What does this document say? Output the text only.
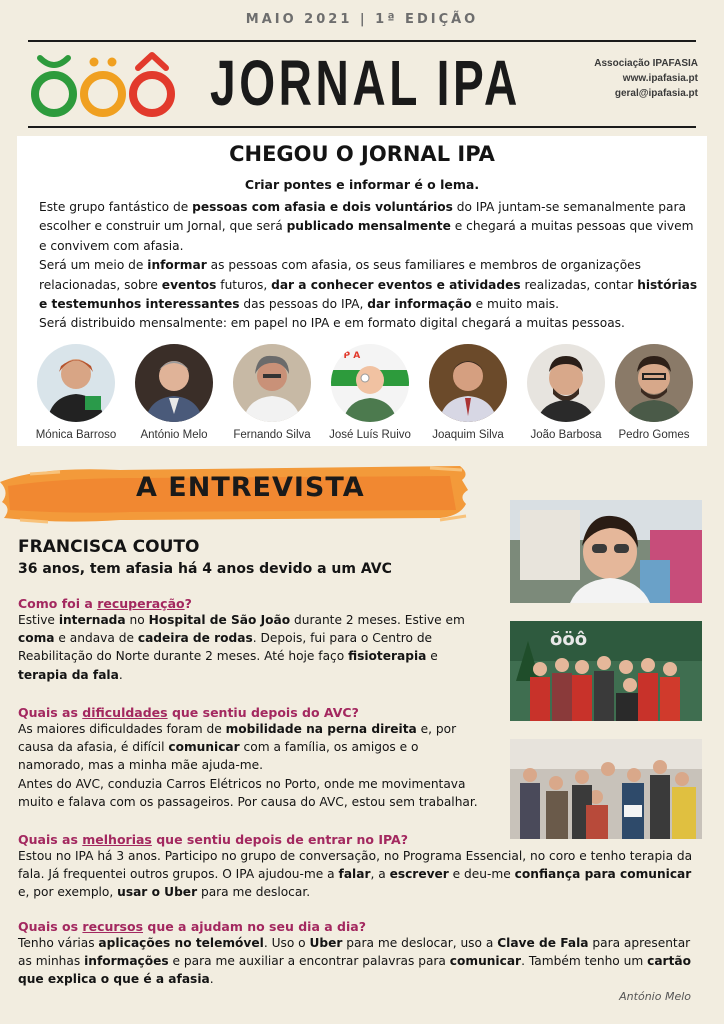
MAIO 2021 | 1ª EDIÇÃO
JORNAL IPA	Associação IPAFASIA
www.ipafasia.pt
geral@ipafasia.pt
CHEGOU O JORNAL IPA
Criar pontes e informar é o lema.

Este grupo fantástico de pessoas com afasia e dois voluntários do IPA juntam-se semanalmente para escolher e construir um Jornal, que será publicado mensalmente e chegará a muitas pessoas que vivem e convivem com afasia.

Será um meio de informar as pessoas com afasia, os seus familiares e membros de organizações relacionadas, sobre eventos futuros, dar a conhecer eventos e atividades realizadas, contar histórias e testemunhos interessantes das pessoas do IPA, dar informação e muito mais.

Será distribuido mensalmente: em papel no IPA e em formato digital chegará a muitas pessoas.

Mónica Barroso	António Melo	Fernando Silva
I P A
José Luís Ruivo	Joaquim Silva	João Barbosa	Pedro Gomes
A ENTREVISTA
FRANCISCA COUTO
36 anos, tem afasia há 4 anos devido a um AVC
ŏöô
Como foi a recuperação?
Estive internada no Hospital de São João durante 2 meses. Estive em coma e andava de cadeira de rodas. Depois, fui para o Centro de Reabilitação do Norte durante 2 meses. Até hoje faço fisioterapia e terapia da fala.
Quais as dificuldades que sentiu depois do AVC?
As maiores dificuldades foram de mobilidade na perna direita e, por causa da afasia, é difícil comunicar com a família, os amigos e o namorado, mas a minha mãe ajuda-me.
Antes do AVC, conduzia Carros Elétricos no Porto, onde me movimentava muito e falava com os passageiros. Por causa do AVC, estou sem trabalhar.
Quais as melhorias que sentiu depois de entrar no IPA?
Estou no IPA há 3 anos. Participo no grupo de conversação, no Programa Essencial, no coro e tenho terapia da fala. Já frequentei outros grupos. O IPA ajudou-me a falar, a escrever e deu-me confiança para comunicar e, por exemplo, usar o Uber para me deslocar.
Quais os recursos que a ajudam no seu dia a dia?
Tenho várias aplicações no telemóvel. Uso o Uber para me deslocar, uso a Clave de Fala para apresentar as minhas informações e para me auxiliar a encontrar palavras para comunicar. Também tenho um cartão que explica o que é a afasia.
António Melo
